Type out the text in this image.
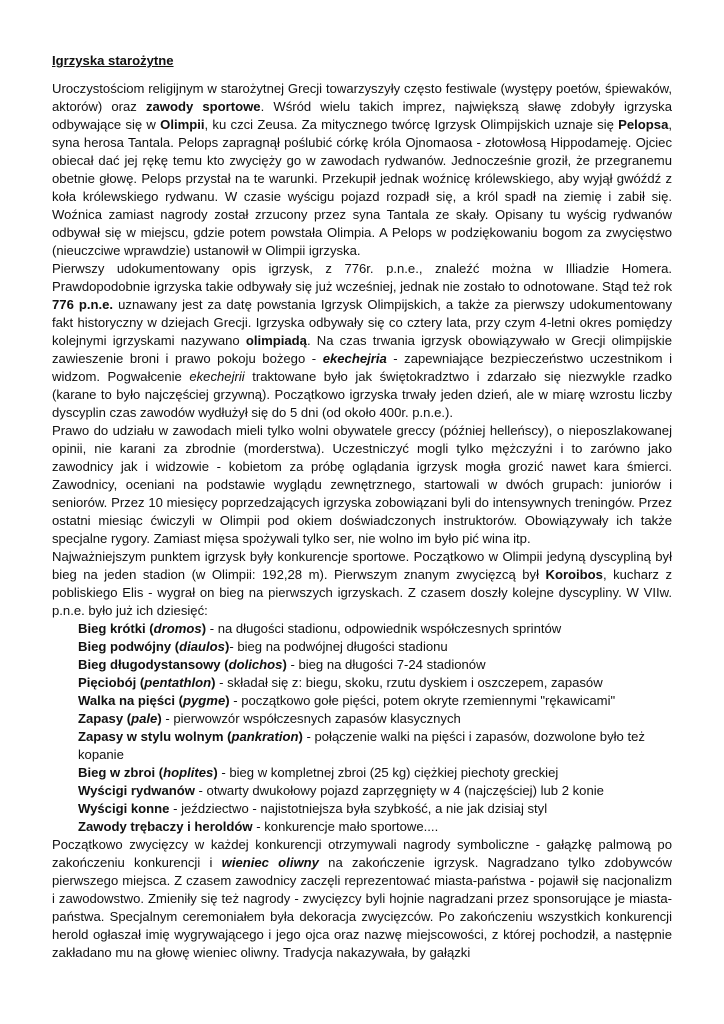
Igrzyska starożytne

Uroczystościom religijnym w starożytnej Grecji towarzyszyły często festiwale (występy poetów, śpiewaków, aktorów) oraz zawody sportowe. Wśród wielu takich imprez, największą sławę zdobyły igrzyska odbywające się w Olimpii, ku czci Zeusa. Za mitycznego twórcę Igrzysk Olimpijskich uznaje się Pelopsa, syna herosa Tantala. Pelops zapragnął poślubić córkę króla Ojnomaosa - złotowłosą Hippodameję. Ojciec obiecał dać jej rękę temu kto zwycięży go w zawodach rydwanów. Jednocześnie groził, że przegranemu obetnie głowę. Pelops przystał na te warunki. Przekupił jednak woźnicę królewskiego, aby wyjął gwóźdź z koła królewskiego rydwanu. W czasie wyścigu pojazd rozpadł się, a król spadł na ziemię i zabił się. Woźnica zamiast nagrody został zrzucony przez syna Tantala ze skały. Opisany tu wyścig rydwanów odbywał się w miejscu, gdzie potem powstała Olimpia. A Pelops w podziękowaniu bogom za zwycięstwo (nieuczciwe wprawdzie) ustanowił w Olimpii igrzyska.

Pierwszy udokumentowany opis igrzysk, z 776r. p.n.e., znaleźć można w Illiadzie Homera. Prawdopodobnie igrzyska takie odbywały się już wcześniej, jednak nie zostało to odnotowane. Stąd też rok 776 p.n.e. uznawany jest za datę powstania Igrzysk Olimpijskich, a także za pierwszy udokumentowany fakt historyczny w dziejach Grecji. Igrzyska odbywały się co cztery lata, przy czym 4-letni okres pomiędzy kolejnymi igrzyskami nazywano olimpiadą. Na czas trwania igrzysk obowiązywało w Grecji olimpijskie zawieszenie broni i prawo pokoju bożego - ekechejria - zapewniające bezpieczeństwo uczestnikom i widzom. Pogwałcenie ekechejrii traktowane było jak świętokradztwo i zdarzało się niezwykle rzadko (karane to było najczęściej grzywną). Początkowo igrzyska trwały jeden dzień, ale w miarę wzrostu liczby dyscyplin czas zawodów wydłużył się do 5 dni (od około 400r. p.n.e.).

Prawo do udziału w zawodach mieli tylko wolni obywatele greccy (później helleńscy), o nieposzlakowanej opinii, nie karani za zbrodnie (morderstwa). Uczestniczyć mogli tylko mężczyźni i to zarówno jako zawodnicy jak i widzowie - kobietom za próbę oglądania igrzysk mogła grozić nawet kara śmierci. Zawodnicy, oceniani na podstawie wyglądu zewnętrznego, startowali w dwóch grupach: juniorów i seniorów. Przez 10 miesięcy poprzedzających igrzyska zobowiązani byli do intensywnych treningów. Przez ostatni miesiąc ćwiczyli w Olimpii pod okiem doświadczonych instruktorów. Obowiązywały ich także specjalne rygory. Zamiast mięsa spożywali tylko ser, nie wolno im było pić wina itp.

Najważniejszym punktem igrzysk były konkurencje sportowe. Początkowo w Olimpii jedyną dyscypliną był bieg na jeden stadion (w Olimpii: 192,28 m). Pierwszym znanym zwycięzcą był Koroibos, kucharz z pobliskiego Elis - wygrał on bieg na pierwszych igrzyskach. Z czasem doszły kolejne dyscypliny. W VIIw. p.n.e. było już ich dziesięć:

Bieg krótki (dromos) - na długości stadionu, odpowiednik współczesnych sprintów
Bieg podwójny (diaulos)- bieg na podwójnej długości stadionu
Bieg długodystansowy (dolichos) - bieg na długości 7-24 stadionów
Pięciobój (pentathlon) - składał się z: biegu, skoku, rzutu dyskiem i oszczepem, zapasów
Walka na pięści (pygme) - początkowo gołe pięści, potem okryte rzemiennymi "rękawicami"
Zapasy (pale) - pierwowzór współczesnych zapasów klasycznych
Zapasy w stylu wolnym (pankration) - połączenie walki na pięści i zapasów, dozwolone było też kopanie
Bieg w zbroi (hoplites) - bieg w kompletnej zbroi (25 kg) ciężkiej piechoty greckiej
Wyścigi rydwanów - otwarty dwukołowy pojazd zaprzęgnięty w 4 (najczęściej) lub 2 konie
Wyścigi konne - jeździectwo - najistotniejsza była szybkość, a nie jak dzisiaj styl
Zawody trębaczy i heroldów - konkurencje mało sportowe....

Początkowo zwycięzcy w każdej konkurencji otrzymywali nagrody symboliczne - gałązkę palmową po zakończeniu konkurencji i wieniec oliwny na zakończenie igrzysk. Nagradzano tylko zdobywców pierwszego miejsca. Z czasem zawodnicy zaczęli reprezentować miasta-państwa - pojawił się nacjonalizm i zawodowstwo. Zmieniły się też nagrody - zwycięzcy byli hojnie nagradzani przez sponsorujące je miasta-państwa. Specjalnym ceremoniałem była dekoracja zwycięzców. Po zakończeniu wszystkich konkurencji herold ogłaszał imię wygrywającego i jego ojca oraz nazwę miejscowości, z której pochodził, a następnie zakładano mu na głowę wieniec oliwny. Tradycja nakazywała, by gałązki
